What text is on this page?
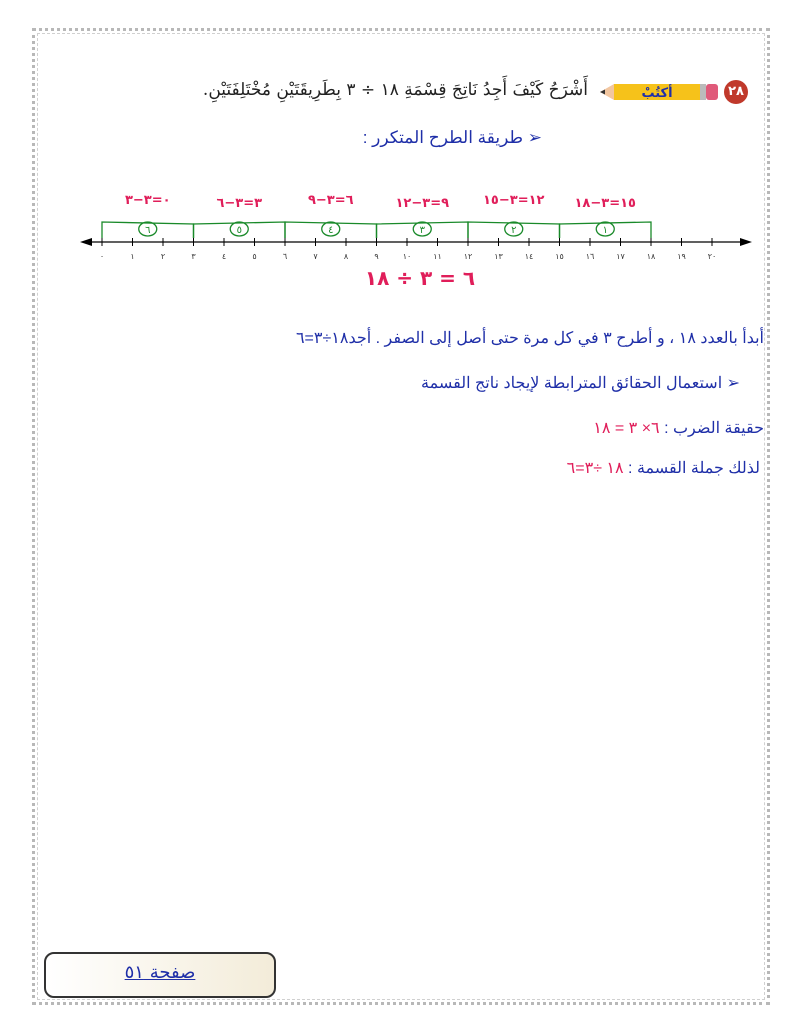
٢٨
أكتُبْ
أَشْرَحُ كَيْفَ أَجِدُ نَاتِجَ قِسْمَةِ ١٨ ÷ ٣ بِطَرِيقَتَيْنِ مُخْتَلِفَتَيْنِ.
➢ طريقة الطرح المتكرر :
٠	١	٢	٣	٤	٥	٦	٧	٨	٩	١٠	١١	١٢	١٣	١٤	١٥	١٦	١٧	١٨	١٩	٢٠
١
١٥=٣−١٨
٢
١٢=٣−١٥
٣
٩=٣−١٢
٤
٦=٣−٩
٥
٣=٣−٦
٦
٠=٣−٣
٦ = ٣ ÷ ١٨
أبدأ بالعدد ١٨ ، و أطرح ٣ في كل مرة حتى أصل إلى الصفر . أجد١٨÷٣=٦
➢ استعمال الحقائق المترابطة لإيجاد ناتج القسمة
حقيقة الضرب : ٦× ٣ = ١٨
لذلك جملة القسمة : ١٨ ÷٣=٦
صفحة ٥١
